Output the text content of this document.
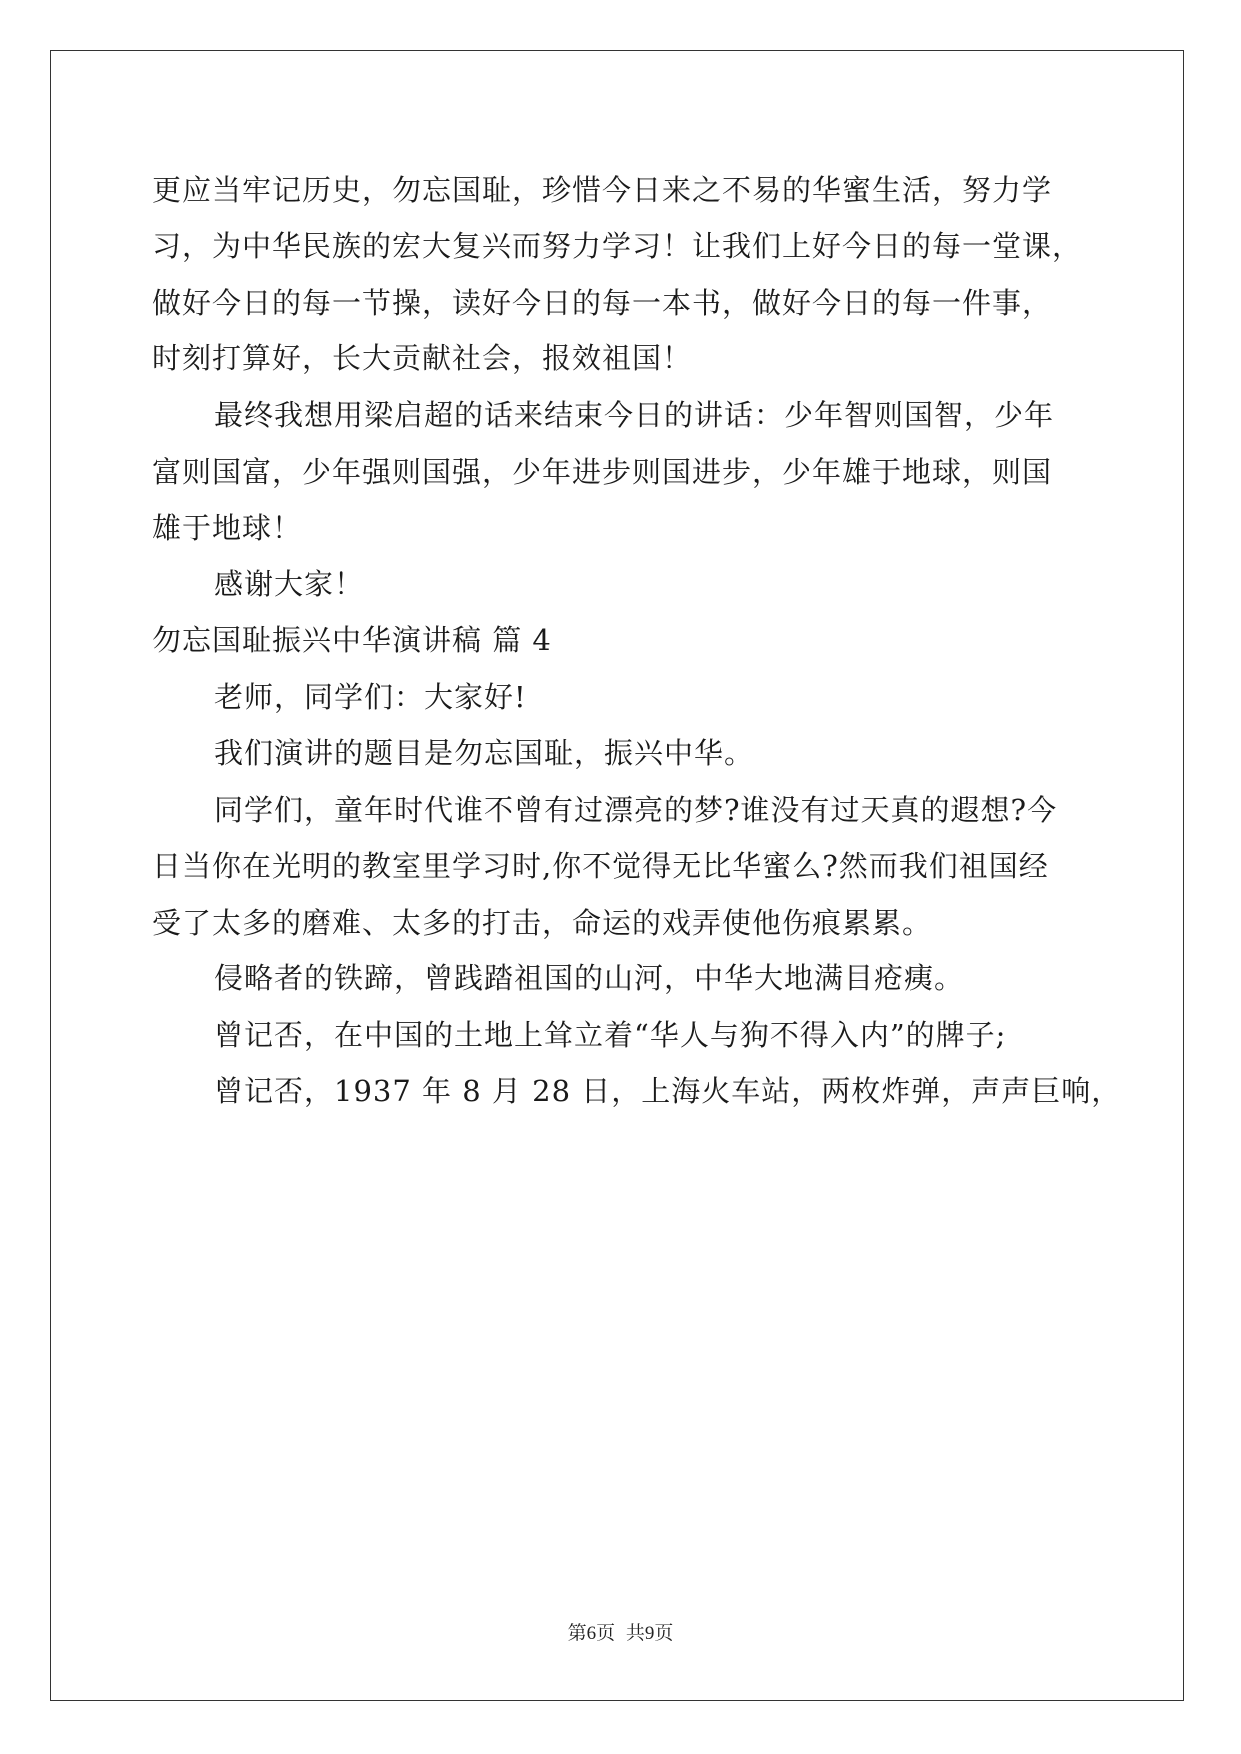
更应当牢记历史，勿忘国耻，珍惜今日来之不易的华蜜生活，努力学
习，为中华民族的宏大复兴而努力学习！让我们上好今日的每一堂课，
做好今日的每一节操，读好今日的每一本书，做好今日的每一件事，
时刻打算好，长大贡献社会，报效祖国！
最终我想用梁启超的话来结束今日的讲话：少年智则国智，少年
富则国富，少年强则国强，少年进步则国进步，少年雄于地球，则国
雄于地球！
感谢大家！
勿忘国耻振兴中华演讲稿 篇 4
老师，同学们：大家好!
我们演讲的题目是勿忘国耻，振兴中华。
同学们，童年时代谁不曾有过漂亮的梦?谁没有过天真的遐想?今
日当你在光明的教室里学习时,你不觉得无比华蜜么?然而我们祖国经
受了太多的磨难、太多的打击，命运的戏弄使他伤痕累累。
侵略者的铁蹄，曾践踏祖国的山河，中华大地满目疮痍。
曾记否，在中国的土地上耸立着“华人与狗不得入内”的牌子;
曾记否，1937 年 8 月 28 日，上海火车站，两枚炸弹，声声巨响，
第6页 共9页
